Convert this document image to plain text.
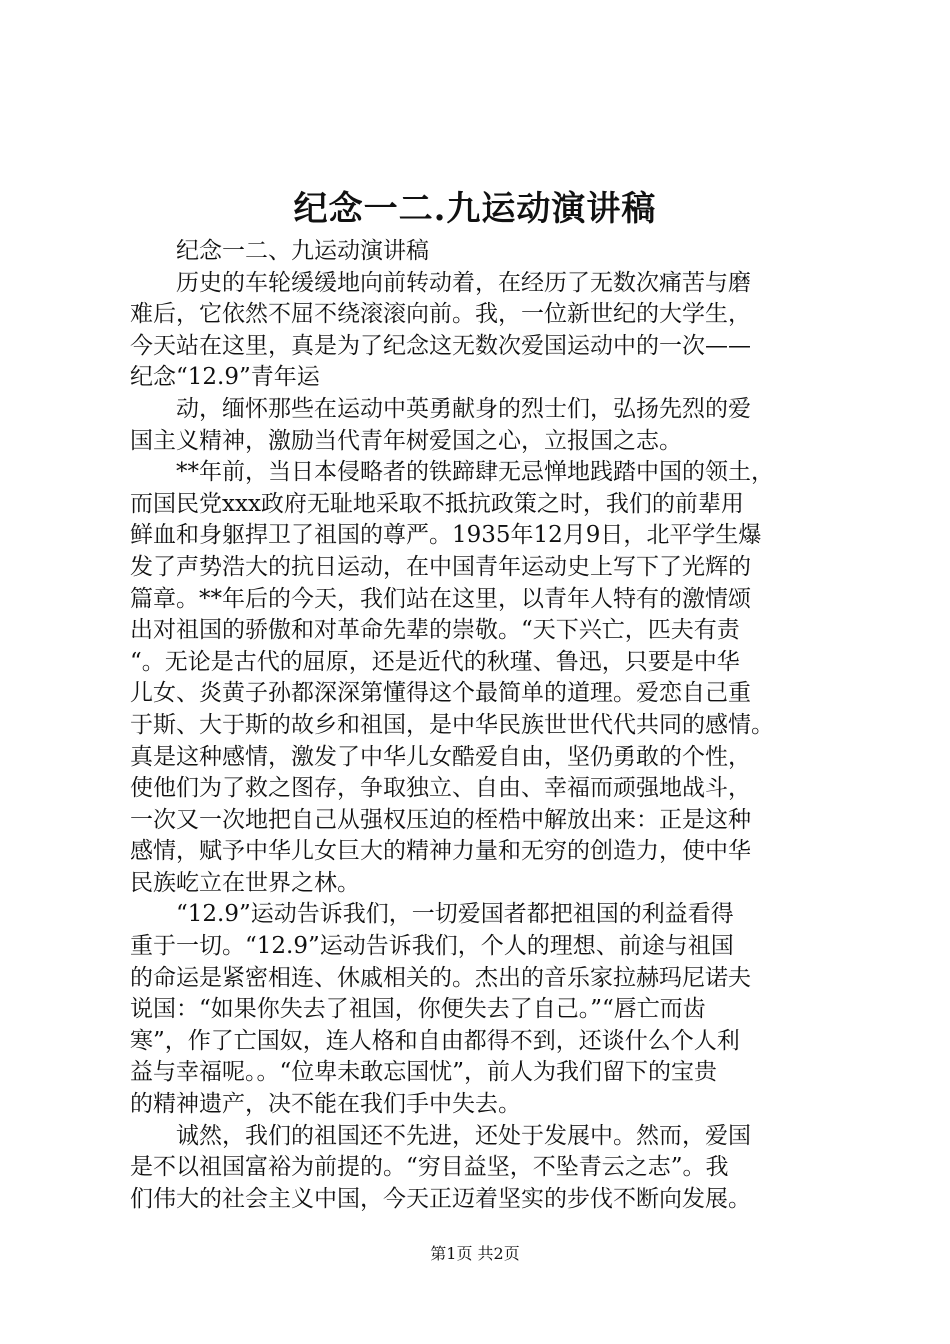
纪念一二.九运动演讲稿
纪念一二、九运动演讲稿
历史的车轮缓缓地向前转动着，在经历了无数次痛苦与磨
难后，它依然不屈不绕滚滚向前。我，一位新世纪的大学生，
今天站在这里，真是为了纪念这无数次爱国运动中的一次——
纪念“12.9”青年运
动，缅怀那些在运动中英勇献身的烈士们，弘扬先烈的爱
国主义精神，激励当代青年树爱国之心，立报国之志。
**年前，当日本侵略者的铁蹄肆无忌惮地践踏中国的领土，
而国民党xxx政府无耻地采取不抵抗政策之时，我们的前辈用
鲜血和身躯捍卫了祖国的尊严。1935年12月9日，北平学生爆
发了声势浩大的抗日运动，在中国青年运动史上写下了光辉的
篇章。**年后的今天，我们站在这里，以青年人特有的激情颂
出对祖国的骄傲和对革命先辈的崇敬。“天下兴亡，匹夫有责
“。无论是古代的屈原，还是近代的秋瑾、鲁迅，只要是中华
儿女、炎黄子孙都深深第懂得这个最简单的道理。爱恋自己重
于斯、大于斯的故乡和祖国，是中华民族世世代代共同的感情。
真是这种感情，激发了中华儿女酷爱自由，坚仍勇敢的个性，
使他们为了救之图存，争取独立、自由、幸福而顽强地战斗，
一次又一次地把自己从强权压迫的桎梏中解放出来：正是这种
感情，赋予中华儿女巨大的精神力量和无穷的创造力，使中华
民族屹立在世界之林。
“12.9”运动告诉我们，一切爱国者都把祖国的利益看得
重于一切。“12.9”运动告诉我们，个人的理想、前途与祖国
的命运是紧密相连、休戚相关的。杰出的音乐家拉赫玛尼诺夫
说国：“如果你失去了祖国，你便失去了自己。”“唇亡而齿
寒”，作了亡国奴，连人格和自由都得不到，还谈什么个人利
益与幸福呢。。“位卑未敢忘国忧”，前人为我们留下的宝贵
的精神遗产，决不能在我们手中失去。
诚然，我们的祖国还不先进，还处于发展中。然而，爱国
是不以祖国富裕为前提的。“穷目益坚，不坠青云之志”。我
们伟大的社会主义中国，今天正迈着坚实的步伐不断向发展。
第1页 共2页
